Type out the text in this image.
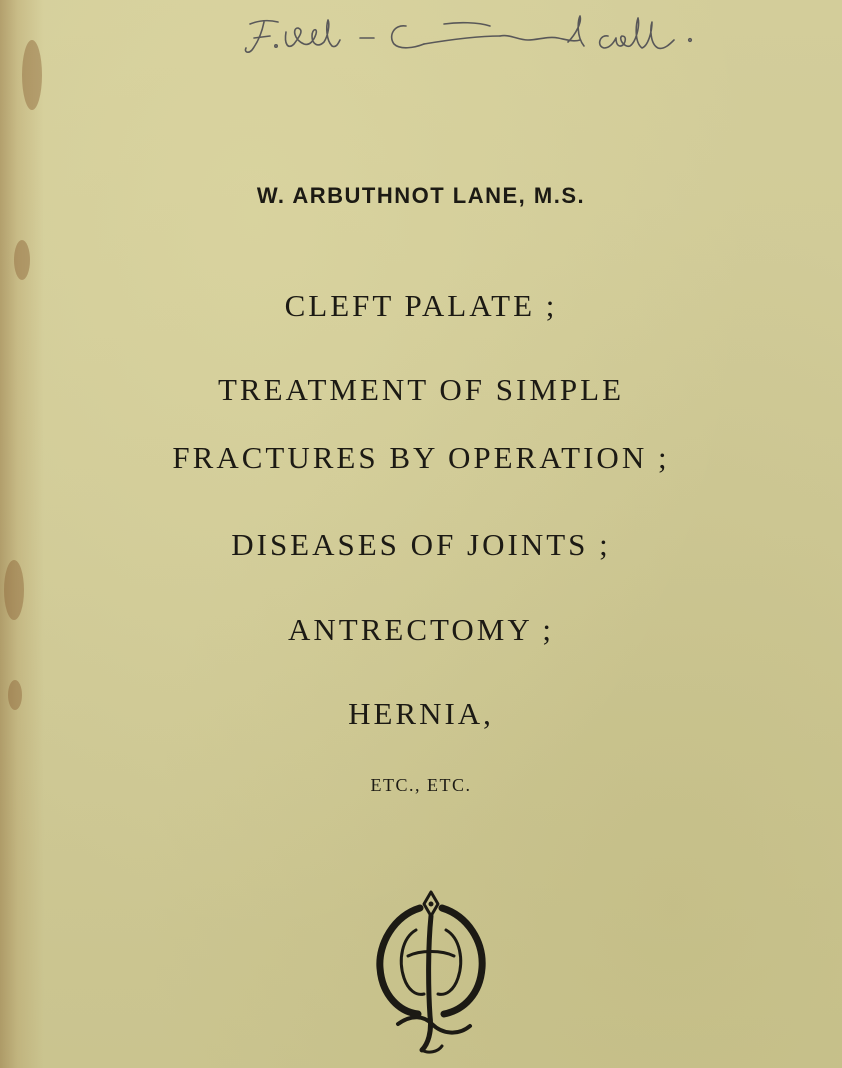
W. ARBUTHNOT LANE, M.S.
CLEFT PALATE ;
TREATMENT OF SIMPLE
FRACTURES BY OPERATION ;
DISEASES OF JOINTS ;
ANTRECTOMY ;
HERNIA,
ETC., ETC.
